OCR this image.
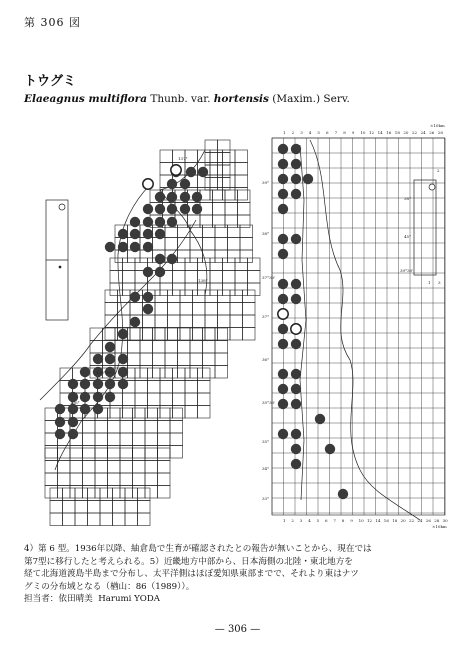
第 306 図
トウグミ
Elaeagnus multiflora Thunb. var. hortensis (Maxim.) Serv.
1 2 3 4 5 6 7 8 9 10 12 14 16 18 20 22 24 26 28
×10km
1 2 3 4 5 6 7 8 9 10 12 14 16 18 20 22 24 26 28 30
×10km
39°
38°
37°30'
37°
36°
35°30'
35°
34°
33°
137°
138°
136°30'
136°
2
38°
45°
39°30'
1 3
4）第 6 型。1936年以降、紬倉島で生育が確認されたとの報告が無いことから、現在では
第7型に移行したと考えられる。5）近畿地方中部から、日本海側の北陸・東北地方を
経て北海道渡島半島まで分布し、太平洋側はほぼ愛知県東部までで、それより東はナツ
グミの分布域となる（楢山：86（1989））。
担当者：依田晴美 Harumi YODA
— 306 —
